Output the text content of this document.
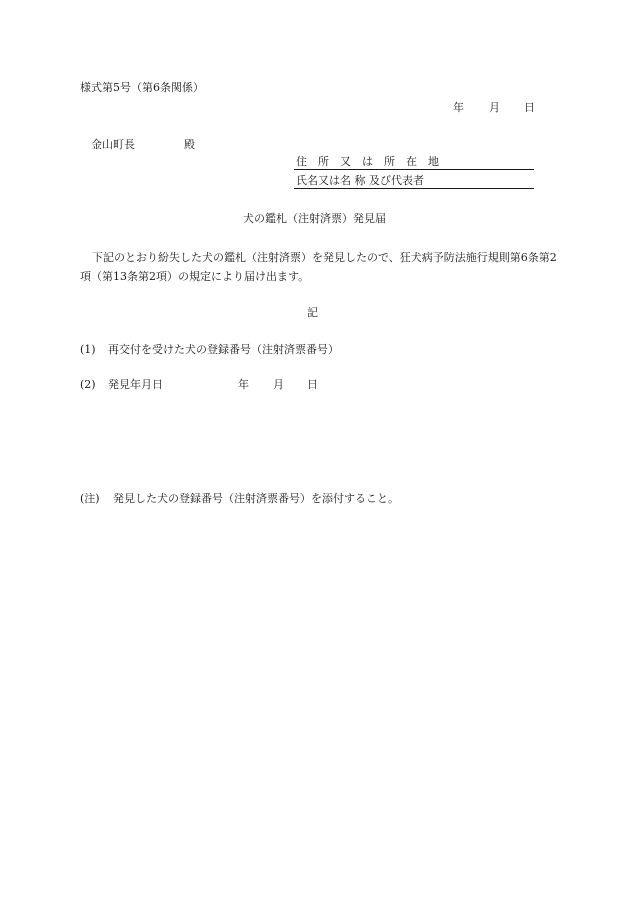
様式第5号（第6条関係）
年 月 日
金山町長	殿
住　所　又　は　所　在　地
氏名又は名 称 及び代表者
犬の鑑札（注射済票）発見届
下記のとおり紛失した犬の鑑札（注射済票）を発見したので、狂犬病予防法施行規則第6条第2項（第13条第2項）の規定により届け出ます。
記
(1) 再交付を受けた犬の登録番号（注射済票番号）
(2) 発見年月日	年 月 日
(注) 発見した犬の登録番号（注射済票番号）を添付すること。
